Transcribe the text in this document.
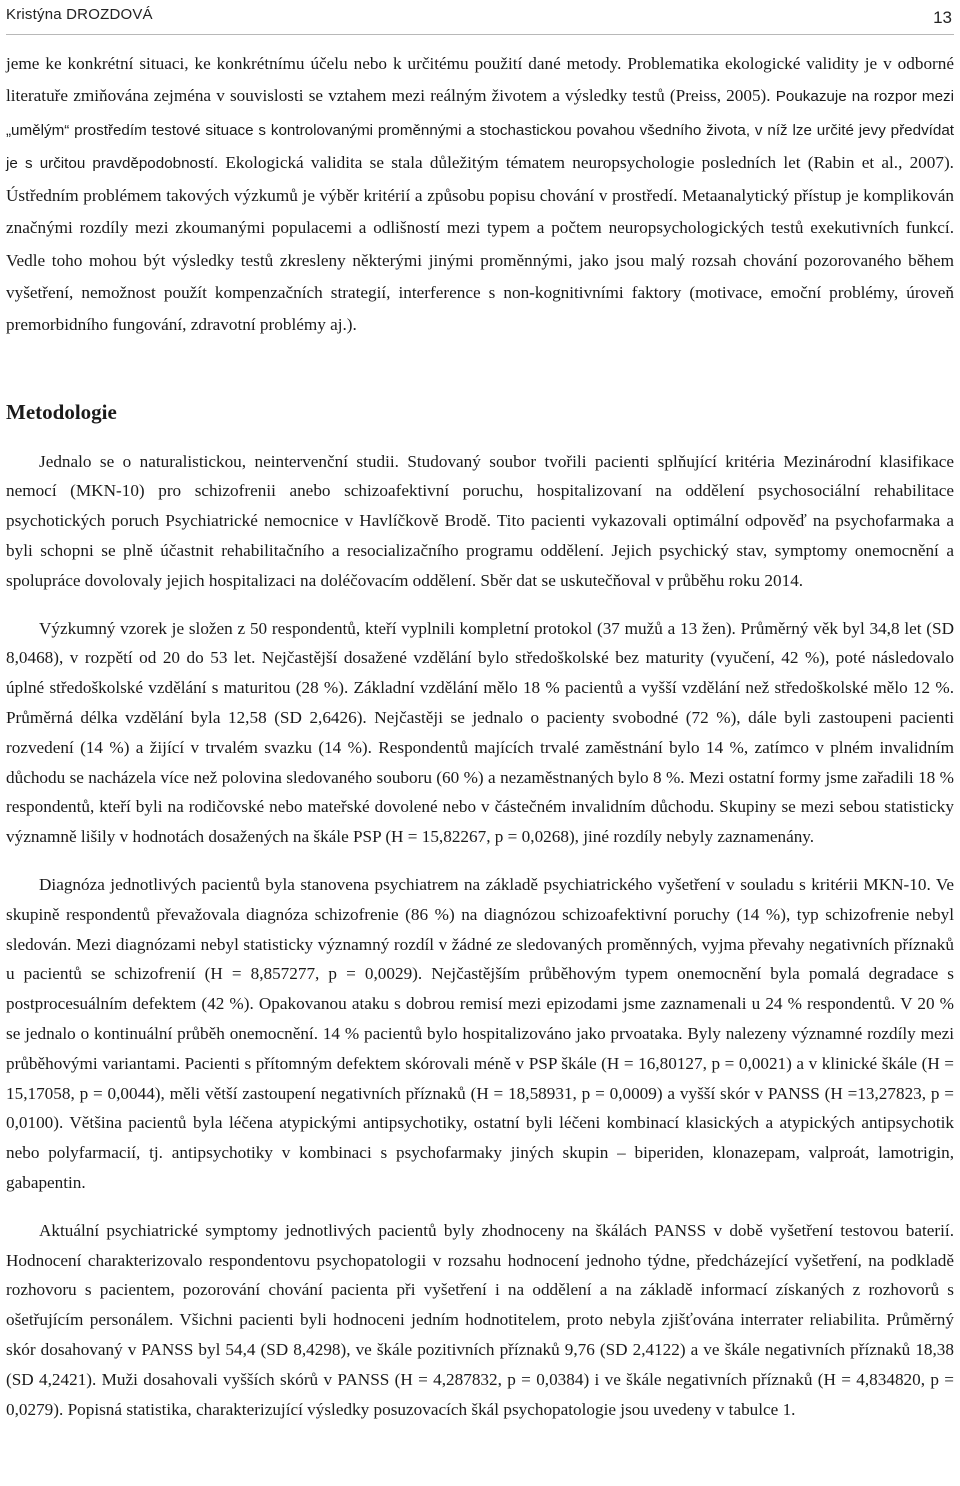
Kristýna DROZDOVÁ	13

jeme ke konkrétní situaci, ke konkrétnímu účelu nebo k určitému použití dané metody. Problematika ekologické validity je v odborné literatuře zmiňována zejména v souvislosti se vztahem mezi reálným životem a výsledky testů (Preiss, 2005). Poukazuje na rozpor mezi „umělým“ prostředím testové situace s kontrolovanými proměnnými a stochastickou povahou všedního života, v níž lze určité jevy předvídat je s určitou pravděpodobností. Ekologická validita se stala důležitým tématem neuropsychologie posledních let (Rabin et al., 2007). Ústředním problémem takových výzkumů je výběr kritérií a způsobu popisu chování v prostředí. Metaanalytický přístup je komplikován značnými rozdíly mezi zkoumanými populacemi a odlišností mezi typem a počtem neuropsychologických testů exekutivních funkcí. Vedle toho mohou být výsledky testů zkresleny některými jinými proměnnými, jako jsou malý rozsah chování pozorovaného během vyšetření, nemožnost použít kompenzačních strategií, interference s non-kognitivními faktory (motivace, emoční problémy, úroveň premorbidního fungování, zdravotní problémy aj.).

Metodologie

Jednalo se o naturalistickou, neintervenční studii. Studovaný soubor tvořili pacienti splňující kritéria Mezinárodní klasifikace nemocí (MKN-10) pro schizofrenii anebo schizoafektivní poruchu, hospitalizovaní na oddělení psychosociální rehabilitace psychotických poruch Psychiatrické nemocnice v Havlíčkově Brodě. Tito pacienti vykazovali optimální odpověď na psychofarmaka a byli schopni se plně účastnit rehabilitačního a resocializačního programu oddělení. Jejich psychický stav, symptomy onemocnění a spolupráce dovolovaly jejich hospitalizaci na doléčovacím oddělení. Sběr dat se uskutečňoval v průběhu roku 2014.

Výzkumný vzorek je složen z 50 respondentů, kteří vyplnili kompletní protokol (37 mužů a 13 žen). Průměrný věk byl 34,8 let (SD 8,0468), v rozpětí od 20 do 53 let. Nejčastější dosažené vzdělání bylo středoškolské bez maturity (vyučení, 42 %), poté následovalo úplné středoškolské vzdělání s maturitou (28 %). Základní vzdělání mělo 18 % pacientů a vyšší vzdělání než středoškolské mělo 12 %. Průměrná délka vzdělání byla 12,58 (SD 2,6426). Nejčastěji se jednalo o pacienty svobodné (72 %), dále byli zastoupeni pacienti rozvedení (14 %) a žijící v trvalém svazku (14 %). Respondentů majících trvalé zaměstnání bylo 14 %, zatímco v plném invalidním důchodu se nacházela více než polovina sledovaného souboru (60 %) a nezaměstnaných bylo 8 %. Mezi ostatní formy jsme zařadili 18 % respondentů, kteří byli na rodičovské nebo mateřské dovolené nebo v částečném invalidním důchodu. Skupiny se mezi sebou statisticky významně lišily v hodnotách dosažených na škále PSP (H = 15,82267, p = 0,0268), jiné rozdíly nebyly zaznamenány.

Diagnóza jednotlivých pacientů byla stanovena psychiatrem na základě psychiatrického vyšetření v souladu s kritérii MKN-10. Ve skupině respondentů převažovala diagnóza schizofrenie (86 %) na diagnózou schizoafektivní poruchy (14 %), typ schizofrenie nebyl sledován. Mezi diagnózami nebyl statisticky významný rozdíl v žádné ze sledovaných proměnných, vyjma převahy negativních příznaků u pacientů se schizofrenií (H = 8,857277, p = 0,0029). Nejčastějším průběhovým typem onemocnění byla pomalá degradace s postprocesuálním defektem (42 %). Opakovanou ataku s dobrou remisí mezi epizodami jsme zaznamenali u 24 % respondentů. V 20 % se jednalo o kontinuální průběh onemocnění. 14 % pacientů bylo hospitalizováno jako prvoataka. Byly nalezeny významné rozdíly mezi průběhovými variantami. Pacienti s přítomným defektem skórovali méně v PSP škále (H = 16,80127, p = 0,0021) a v klinické škále (H = 15,17058, p = 0,0044), měli větší zastoupení negativních příznaků (H = 18,58931, p = 0,0009) a vyšší skór v PANSS (H =13,27823, p = 0,0100). Většina pacientů byla léčena atypickými antipsychotiky, ostatní byli léčeni kombinací klasických a atypických antipsychotik nebo polyfarmacií, tj. antipsychotiky v kombinaci s psychofarmaky jiných skupin – biperiden, klonazepam, valproát, lamotrigin, gabapentin.

Aktuální psychiatrické symptomy jednotlivých pacientů byly zhodnoceny na škálách PANSS v době vyšetření testovou baterií. Hodnocení charakterizovalo respondentovu psychopatologii v rozsahu hodnocení jednoho týdne, předcházející vyšetření, na podkladě rozhovoru s pacientem, pozorování chování pacienta při vyšetření i na oddělení a na základě informací získaných z rozhovorů s ošetřujícím personálem. Všichni pacienti byli hodnoceni jedním hodnotitelem, proto nebyla zjišťována interrater reliabilita. Průměrný skór dosahovaný v PANSS byl 54,4 (SD 8,4298), ve škále pozitivních příznaků 9,76 (SD 2,4122) a ve škále negativních příznaků 18,38 (SD 4,2421). Muži dosahovali vyšších skórů v PANSS (H = 4,287832, p = 0,0384) i ve škále negativních příznaků (H = 4,834820, p = 0,0279). Popisná statistika, charakterizující výsledky posuzovacích škál psychopatologie jsou uvedeny v tabulce 1.
